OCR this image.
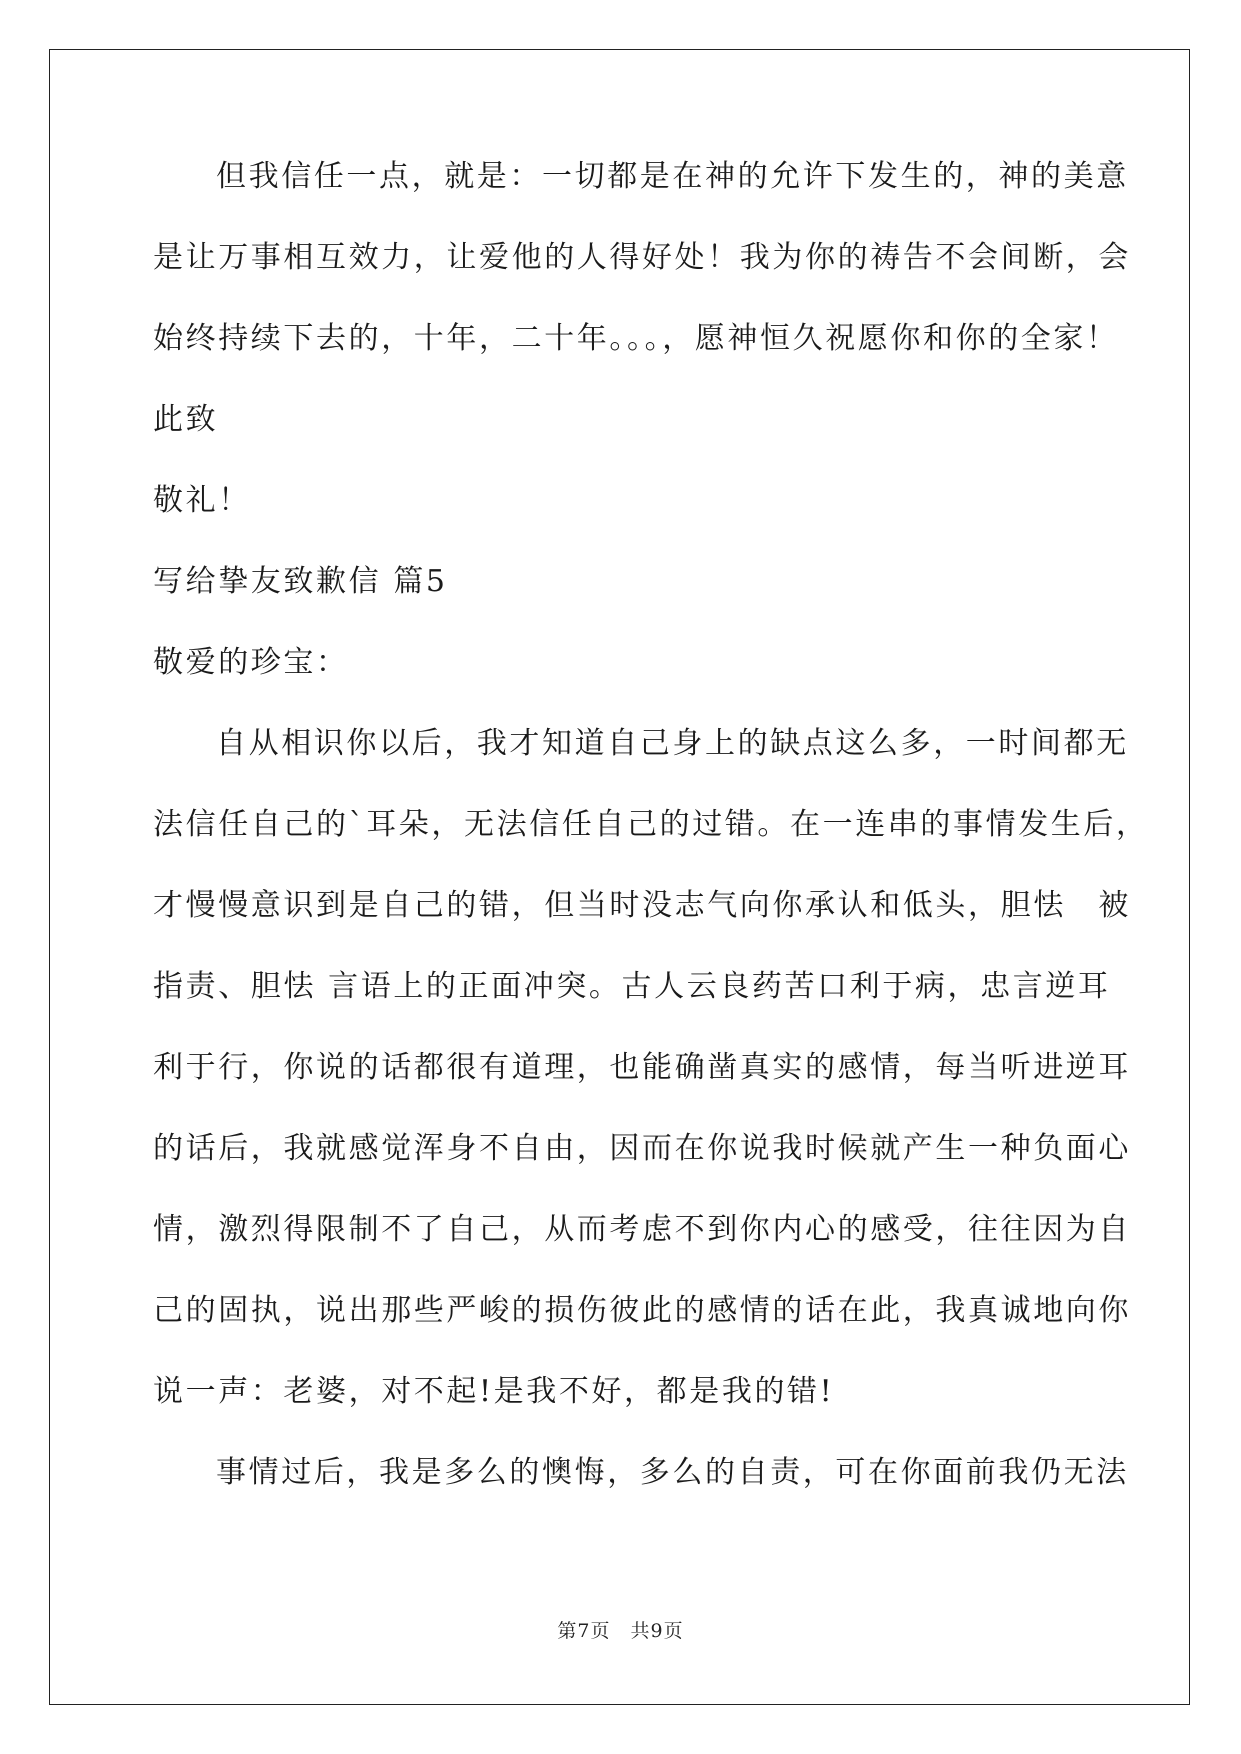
但我信任一点，就是：一切都是在神的允许下发生的，神的美意
是让万事相互效力，让爱他的人得好处！我为你的祷告不会间断，会
始终持续下去的，十年，二十年。。。，愿神恒久祝愿你和你的全家！
此致
敬礼！
写给挚友致歉信 篇5
敬爱的珍宝：
自从相识你以后，我才知道自己身上的缺点这么多，一时间都无
法信任自己的`耳朵，无法信任自己的过错。在一连串的事情发生后，
才慢慢意识到是自己的错，但当时没志气向你承认和低头，胆怯　被
指责、胆怯 言语上的正面冲突。古人云良药苦口利于病，忠言逆耳
利于行，你说的话都很有道理，也能确凿真实的感情，每当听进逆耳
的话后，我就感觉浑身不自由，因而在你说我时候就产生一种负面心
情，激烈得限制不了自己，从而考虑不到你内心的感受，往往因为自
己的固执，说出那些严峻的损伤彼此的感情的话在此，我真诚地向你
说一声：老婆，对不起!是我不好，都是我的错!
事情过后，我是多么的懊悔，多么的自责，可在你面前我仍无法
第7页　共9页
